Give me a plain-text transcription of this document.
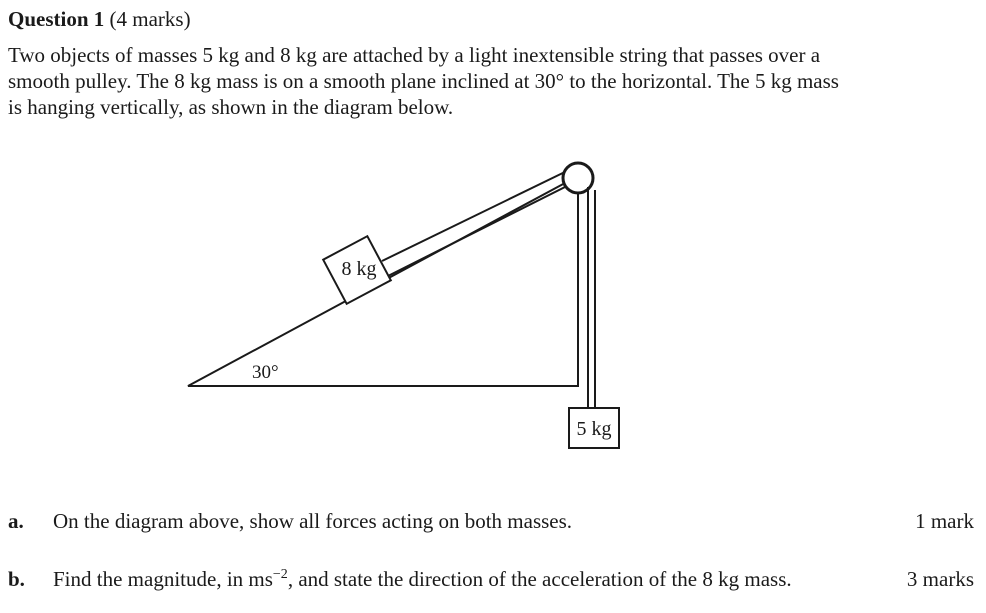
Question 1 (4 marks)
Two objects of masses 5 kg and 8 kg are attached by a light inextensible string that passes over a
smooth pulley. The 8 kg mass is on a smooth plane inclined at 30° to the horizontal. The 5 kg mass
is hanging vertically, as shown in the diagram below.
8 kg
5 kg
30°
a. On the diagram above, show all forces acting on both masses.	1 mark
b. Find the magnitude, in $ms^{-2}$, and state the direction of the acceleration of the 8 kg mass.	3 marks
